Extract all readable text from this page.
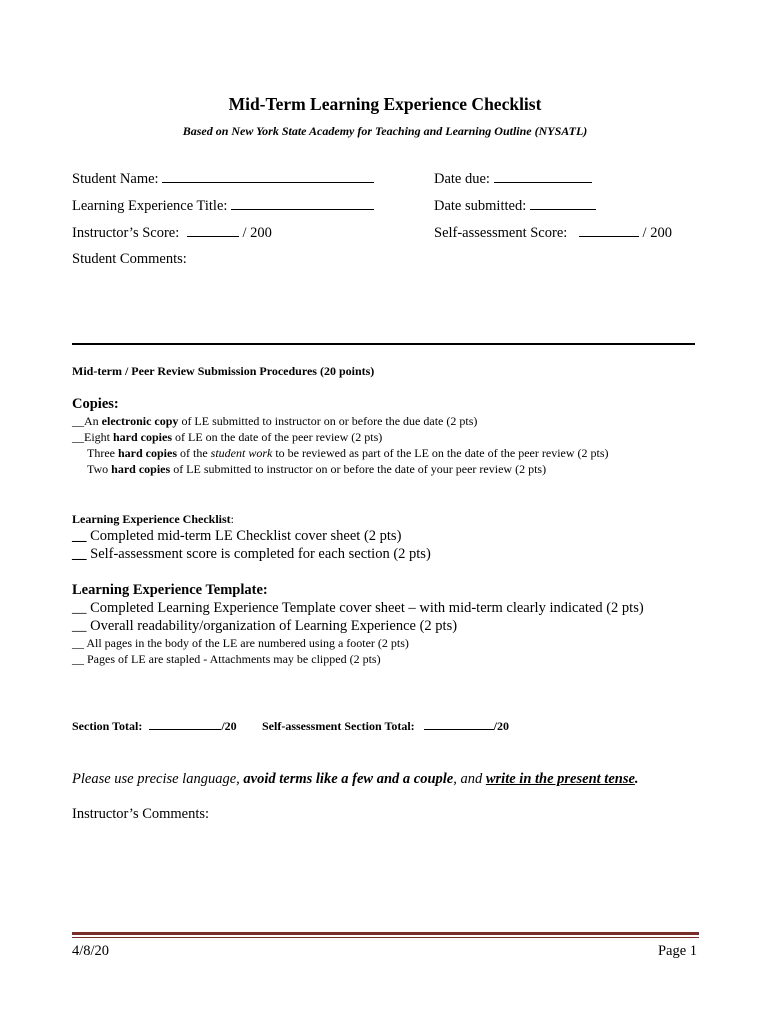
Mid-Term Learning Experience Checklist
Based on New York State Academy for Teaching and Learning Outline (NYSATL)
Student Name:	Date due:
Learning Experience Title:	Date submitted:
Instructor’s Score:	/ 200	Self-assessment Score:	/ 200
Student Comments:
Mid-term / Peer Review Submission Procedures (20 points)
Copies:
__An electronic copy of LE submitted to instructor on or before the due date (2 pts)
__Eight hard copies of LE on the date of the peer review (2 pts)
Three hard copies of the student work to be reviewed as part of the LE on the date of the peer review (2 pts)
Two hard copies of LE submitted to instructor on or before the date of your peer review (2 pts)
Learning Experience Checklist:
__ Completed mid-term LE Checklist cover sheet (2 pts)
__ Self-assessment score is completed for each section (2 pts)
Learning Experience Template:
__ Completed Learning Experience Template cover sheet – with mid-term clearly indicated (2 pts)
__ Overall readability/organization of Learning Experience (2 pts)
__ All pages in the body of the LE are numbered using a footer (2 pts)
__ Pages of LE are stapled - Attachments may be clipped (2 pts)
Section Total:	/20 Self-assessment Section Total:	/20
Please use precise language, avoid terms like a few and a couple, and write in the present tense.
Instructor’s Comments:
4/8/20	Page 1
